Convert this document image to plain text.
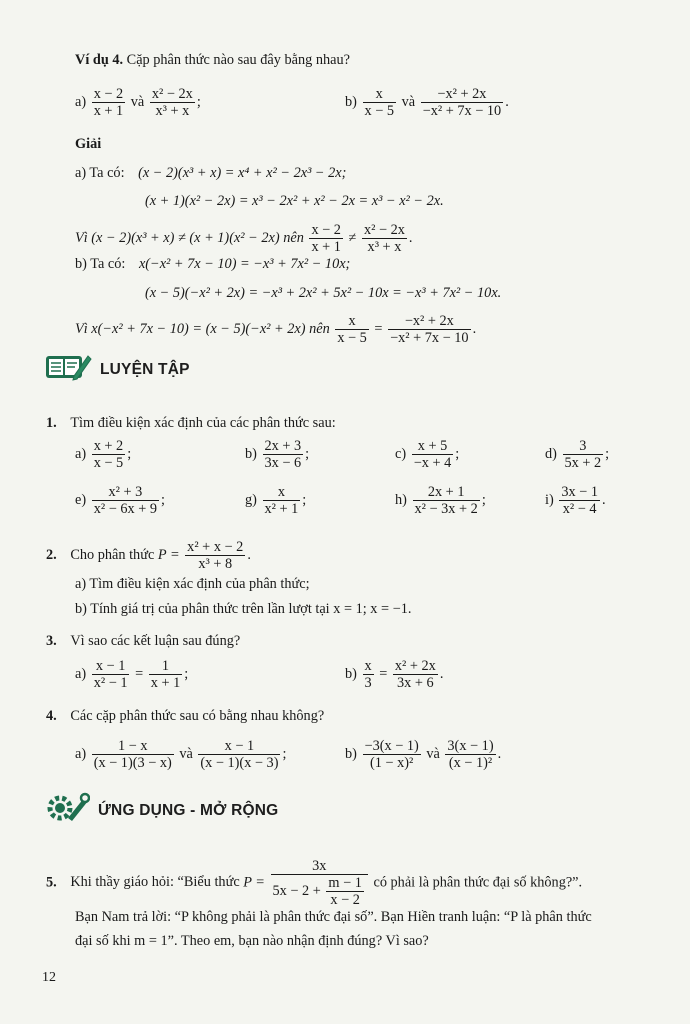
Ví dụ 4. Cặp phân thức nào sau đây bằng nhau?
$a) \frac{x - 2}{x + 1}$ và $\frac{\text{x² − 2x}}{\text{x³ + x}}$ ;	$b) \frac{x}{x - 5}$ và $\frac{\text{−x² + 2x}}{\text{−x² + 7x − 10}}$ .
Giải
a) Ta có: (x − 2)(x³ + x) = x⁴ + x² − 2x³ − 2x;
(x + 1)(x² − 2x) = x³ − 2x² + x² − 2x = x³ − x² − 2x.
Vì (x − 2)(x³ + x) ≠ (x + 1)(x² − 2x) nên $\frac{x - 2}{x + 1} \ne \frac{\text{x² − 2x}}{\text{x³ + x}}$ .
b) Ta có: x(−x² + 7x − 10) = −x³ + 7x² − 10x;
(x − 5)(−x² + 2x) = −x³ + 2x² + 5x² − 10x = −x³ + 7x² − 10x.
Vì x(−x² + 7x − 10) = (x − 5)(−x² + 2x) nên $\frac{x}{x - 5} = \frac{\text{−x² + 2x}}{\text{−x² + 7x − 10}}$ .
LUYỆN TẬP
1. Tìm điều kiện xác định của các phân thức sau:
$a) \frac{x + 2}{x - 5}$ ;	$b) \frac{2x + 3}{3x - 6}$ ;	$c) \frac{x + 5}{-x + 4}$ ;	$d) \frac{3}{5x + 2}$ ;
$e) \frac{\text{x² + 3}}{\text{x² − 6x + 9}}$ ;	$g) \frac{x}{\text{x² + 1}}$ ;	$h) \frac{2x + 1}{\text{x² − 3x + 2}}$ ;	$i) \frac{3x - 1}{\text{x² − 4}}$ .
2. Cho phân thức $P = \frac{\text{x² + x − 2}}{\text{x³ + 8}}$ .
a) Tìm điều kiện xác định của phân thức;
b) Tính giá trị của phân thức trên lần lượt tại x = 1; x = −1.
3. Vì sao các kết luận sau đúng?
$a) \frac{x - 1}{\text{x² − 1}} = \frac{1}{x + 1}$ ;	$b) \frac{x}{3} = \frac{\text{x² + 2x}}{3x + 6}$ .
4. Các cặp phân thức sau có bằng nhau không?
$a) \frac{1 - x}{(x - 1)(3 - x)}$ và $\frac{x - 1}{(x - 1)(x - 3)}$ ;	$b) \frac{-3(x - 1)}{\text{(1 − x)²}}$ và $\frac{3(x - 1)}{\text{(x − 1)²}}$ .
ỨNG DỤNG - MỞ RỘNG
5. Khi thầy giáo hỏi: “Biểu thức $P = \frac{3x}{5x - 2 + \frac{m - 1}{x - 2}}$ có phải là phân thức đại số không?”.
Bạn Nam trả lời: “P không phải là phân thức đại số”. Bạn Hiền tranh luận: “P là phân thức
đại số khi m = 1”. Theo em, bạn nào nhận định đúng? Vì sao?
12
